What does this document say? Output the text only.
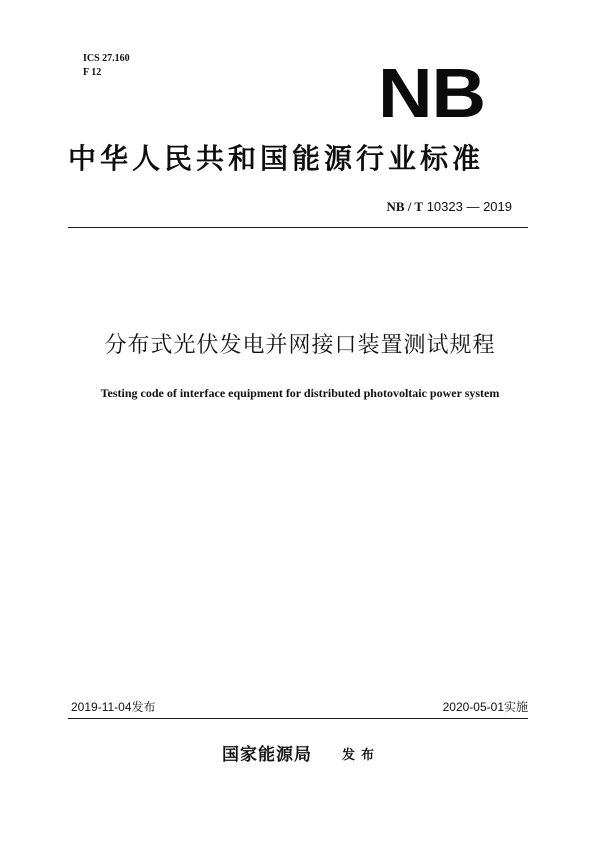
ICS 27.160
F 12	NB
中华人民共和国能源行业标准
NB / T 10323 — 2019
分布式光伏发电并网接口装置测试规程
Testing code of interface equipment for distributed photovoltaic power system
2019-11-04发布	2020-05-01实施
国家能源局 发布
